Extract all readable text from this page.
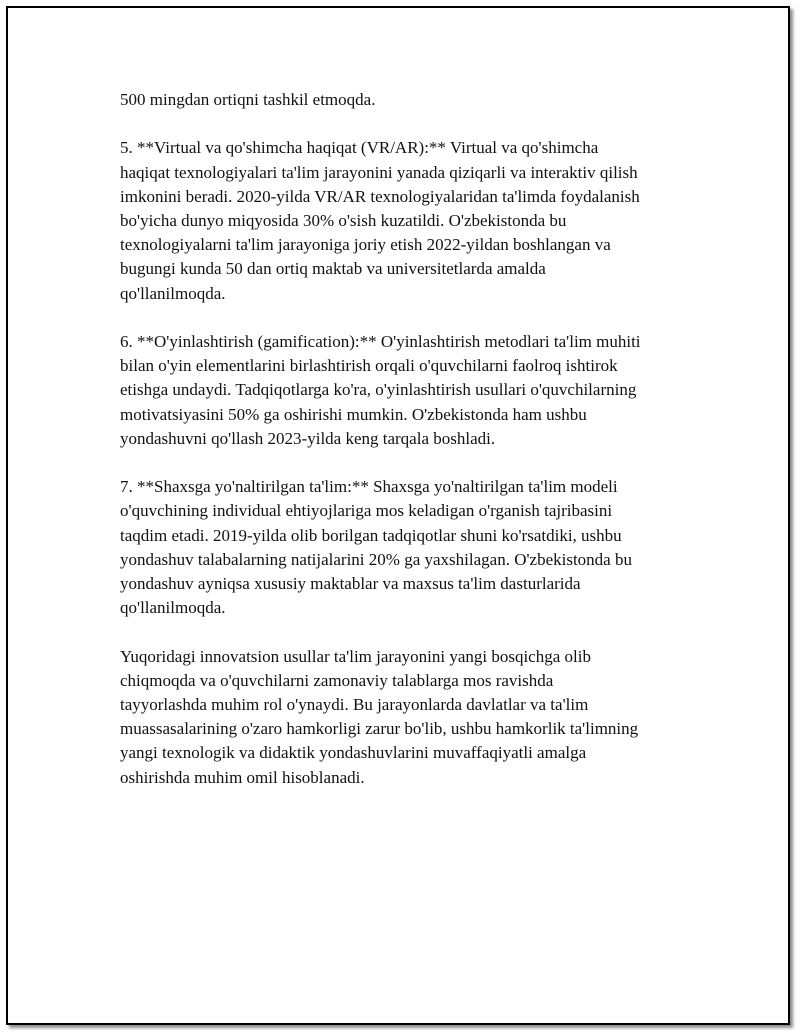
500 mingdan ortiqni tashkil etmoqda.

5. **Virtual va qo'shimcha haqiqat (VR/AR):** Virtual va qo'shimcha
haqiqat texnologiyalari ta'lim jarayonini yanada qiziqarli va interaktiv qilish
imkonini beradi. 2020-yilda VR/AR texnologiyalaridan ta'limda foydalanish
bo'yicha dunyo miqyosida 30% o'sish kuzatildi. O'zbekistonda bu
texnologiyalarni ta'lim jarayoniga joriy etish 2022-yildan boshlangan va
bugungi kunda 50 dan ortiq maktab va universitetlarda amalda
qo'llanilmoqda.

6. **O'yinlashtirish (gamification):** O'yinlashtirish metodlari ta'lim muhiti
bilan o'yin elementlarini birlashtirish orqali o'quvchilarni faolroq ishtirok
etishga undaydi. Tadqiqotlarga ko'ra, o'yinlashtirish usullari o'quvchilarning
motivatsiyasini 50% ga oshirishi mumkin. O'zbekistonda ham ushbu
yondashuvni qo'llash 2023-yilda keng tarqala boshladi.

7. **Shaxsga yo'naltirilgan ta'lim:** Shaxsga yo'naltirilgan ta'lim modeli
o'quvchining individual ehtiyojlariga mos keladigan o'rganish tajribasini
taqdim etadi. 2019-yilda olib borilgan tadqiqotlar shuni ko'rsatdiki, ushbu
yondashuv talabalarning natijalarini 20% ga yaxshilagan. O'zbekistonda bu
yondashuv ayniqsa xususiy maktablar va maxsus ta'lim dasturlarida
qo'llanilmoqda.

Yuqoridagi innovatsion usullar ta'lim jarayonini yangi bosqichga olib
chiqmoqda va o'quvchilarni zamonaviy talablarga mos ravishda
tayyorlashda muhim rol o'ynaydi. Bu jarayonlarda davlatlar va ta'lim
muassasalarining o'zaro hamkorligi zarur bo'lib, ushbu hamkorlik ta'limning
yangi texnologik va didaktik yondashuvlarini muvaffaqiyatli amalga
oshirishda muhim omil hisoblanadi.
